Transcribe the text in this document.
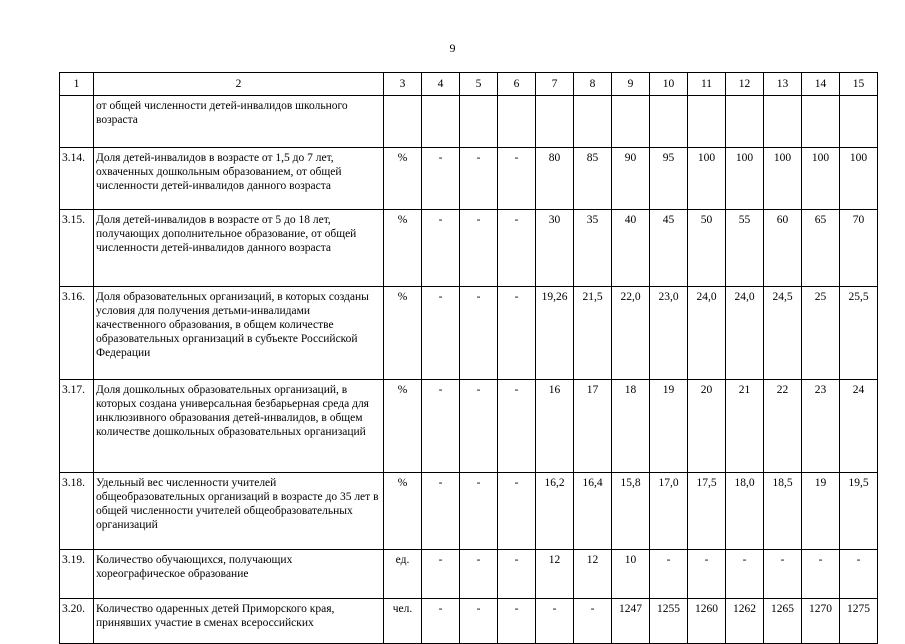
9
1	2	3	4	5	6	7	8	9	10	11	12	13	14	15
	от общей численности детей-инвалидов школьного возраста													
3.14.	Доля детей-инвалидов в возрасте от 1,5 до 7 лет, охваченных дошкольным образованием, от общей численности детей-инвалидов данного возраста	%	-	-	-	80	85	90	95	100	100	100	100	100
3.15.	Доля детей-инвалидов в возрасте от 5 до 18 лет, получающих дополнительное образование, от общей численности детей-инвалидов данного возраста	%	-	-	-	30	35	40	45	50	55	60	65	70
3.16.	Доля образовательных организаций, в которых созданы условия для получения детьми-инвалидами качественного образования, в общем количестве образовательных организаций в субъекте Российской Федерации	%	-	-	-	19,26	21,5	22,0	23,0	24,0	24,0	24,5	25	25,5
3.17.	Доля дошкольных образовательных организаций, в которых создана универсальная безбарьерная среда для инклюзивного образования детей-инвалидов, в общем количестве дошкольных образовательных организаций	%	-	-	-	16	17	18	19	20	21	22	23	24
3.18.	Удельный вес численности учителей общеобразовательных организаций в возрасте до 35 лет в общей численности учителей общеобразовательных организаций	%	-	-	-	16,2	16,4	15,8	17,0	17,5	18,0	18,5	19	19,5
3.19.	Количество обучающихся, получающих хореографическое образование	ед.	-	-	-	12	12	10	-	-	-	-	-	-
3.20.	Количество одаренных детей Приморского края, принявших участие в сменах всероссийских	чел.	-	-	-	-	-	1247	1255	1260	1262	1265	1270	1275
